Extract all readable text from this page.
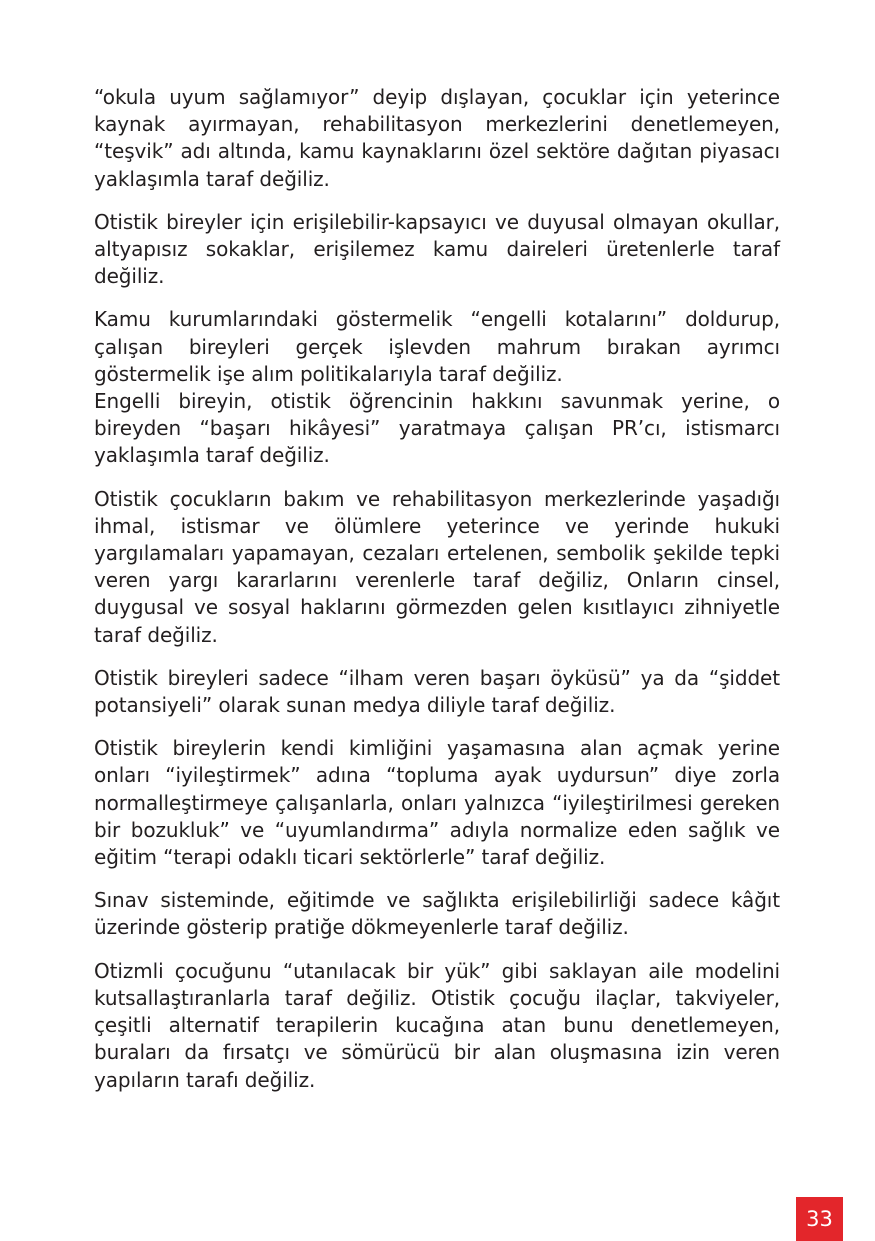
“okula uyum sağlamıyor” deyip dışlayan, çocuklar için yeterince kaynak ayırmayan, rehabilitasyon merkezlerini denetlemeyen, “teşvik” adı altında, kamu kaynaklarını özel sektöre dağıtan piyasacı yaklaşımla taraf değiliz.

Otistik bireyler için erişilebilir-kapsayıcı ve duyusal olmayan okullar, altyapısız sokaklar, erişilemez kamu daireleri üretenlerle taraf değiliz.

Kamu kurumlarındaki göstermelik “engelli kotalarını” doldurup, çalışan bireyleri gerçek işlevden mahrum bırakan ayrımcı göstermelik işe alım politikalarıyla taraf değiliz.

Engelli bireyin, otistik öğrencinin hakkını savunmak yerine, o bireyden “başarı hikâyesi” yaratmaya çalışan PR’cı, istismarcı yaklaşımla taraf değiliz.

Otistik çocukların bakım ve rehabilitasyon merkezlerinde yaşadığı ihmal, istismar ve ölümlere yeterince ve yerinde hukuki yargılamaları yapamayan, cezaları ertelenen, sembolik şekilde tepki veren yargı kararlarını verenlerle taraf değiliz, Onların cinsel, duygusal ve sosyal haklarını görmezden gelen kısıtlayıcı zihniyetle taraf değiliz.

Otistik bireyleri sadece “ilham veren başarı öyküsü” ya da “şiddet potansiyeli” olarak sunan medya diliyle taraf değiliz.

Otistik bireylerin kendi kimliğini yaşamasına alan açmak yerine onları “iyileştirmek” adına “topluma ayak uydursun” diye zorla normalleştirmeye çalışanlarla, onları yalnızca “iyileştirilmesi gereken bir bozukluk” ve “uyumlandırma” adıyla normalize eden sağlık ve eğitim “terapi odaklı ticari sektörlerle” taraf değiliz.

Sınav sisteminde, eğitimde ve sağlıkta erişilebilirliği sadece kâğıt üzerinde gösterip pratiğe dökmeyenlerle taraf değiliz.

Otizmli çocuğunu “utanılacak bir yük” gibi saklayan aile modelini kutsallaştıranlarla taraf değiliz. Otistik çocuğu ilaçlar, takviyeler, çeşitli alternatif terapilerin kucağına atan bunu denetlemeyen, buraları da fırsatçı ve sömürücü bir alan oluşmasına izin veren yapıların tarafı değiliz.

33
